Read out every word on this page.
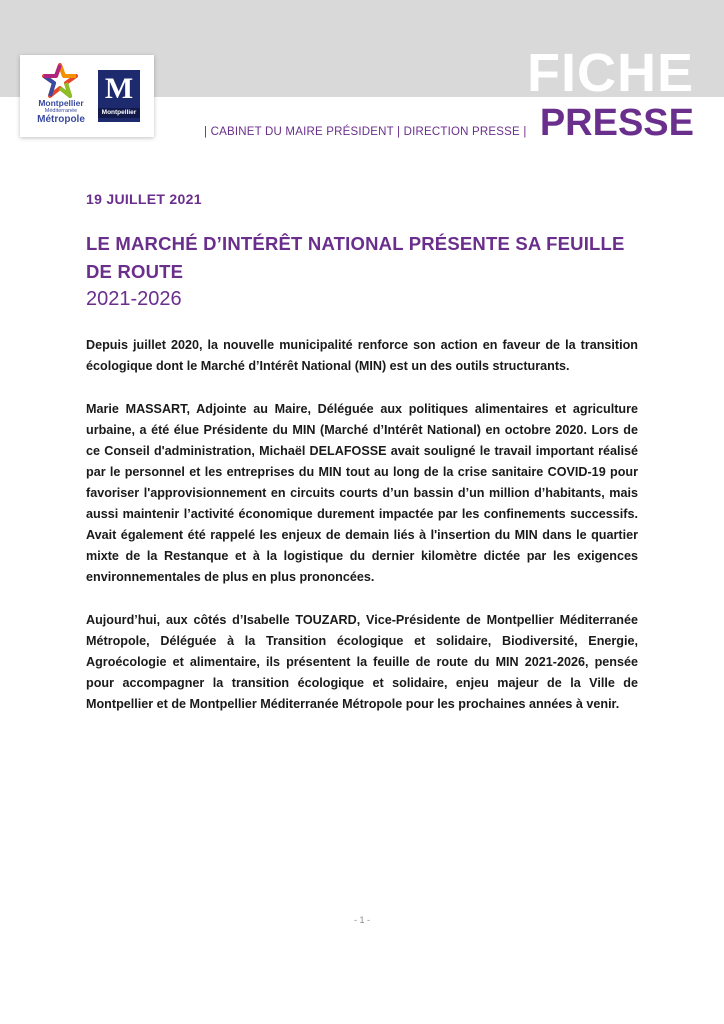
Montpellier
Méditerranée
Métropole
M
Montpellier
FICHE
PRESSE
| CABINET DU MAIRE PRÉSIDENT | DIRECTION PRESSE |
19 JUILLET 2021
LE MARCHÉ D’INTÉRÊT NATIONAL PRÉSENTE SA FEUILLE DE ROUTE
2021-2026

Depuis juillet 2020, la nouvelle municipalité renforce son action en faveur de la transition écologique dont le Marché d’Intérêt National (MIN) est un des outils structurants.

Marie MASSART, Adjointe au Maire, Déléguée aux politiques alimentaires et agriculture urbaine, a été élue Présidente du MIN (Marché d’Intérêt National) en octobre 2020. Lors de ce Conseil d'administration, Michaël DELAFOSSE avait souligné le travail important réalisé par le personnel et les entreprises du MIN tout au long de la crise sanitaire COVID-19 pour favoriser l'approvisionnement en circuits courts d’un bassin d’un million d’habitants, mais aussi maintenir l’activité économique durement impactée par les confinements successifs. Avait également été rappelé les enjeux de demain liés à l'insertion du MIN dans le quartier mixte de la Restanque et à la logistique du dernier kilomètre dictée par les exigences environnementales de plus en plus prononcées.

Aujourd’hui, aux côtés d’Isabelle TOUZARD, Vice-Présidente de Montpellier Méditerranée Métropole, Déléguée à la Transition écologique et solidaire, Biodiversité, Energie, Agroécologie et alimentaire, ils présentent la feuille de route du MIN 2021-2026, pensée pour accompagner la transition écologique et solidaire, enjeu majeur de la Ville de Montpellier et de Montpellier Méditerranée Métropole pour les prochaines années à venir.

- 1 -
